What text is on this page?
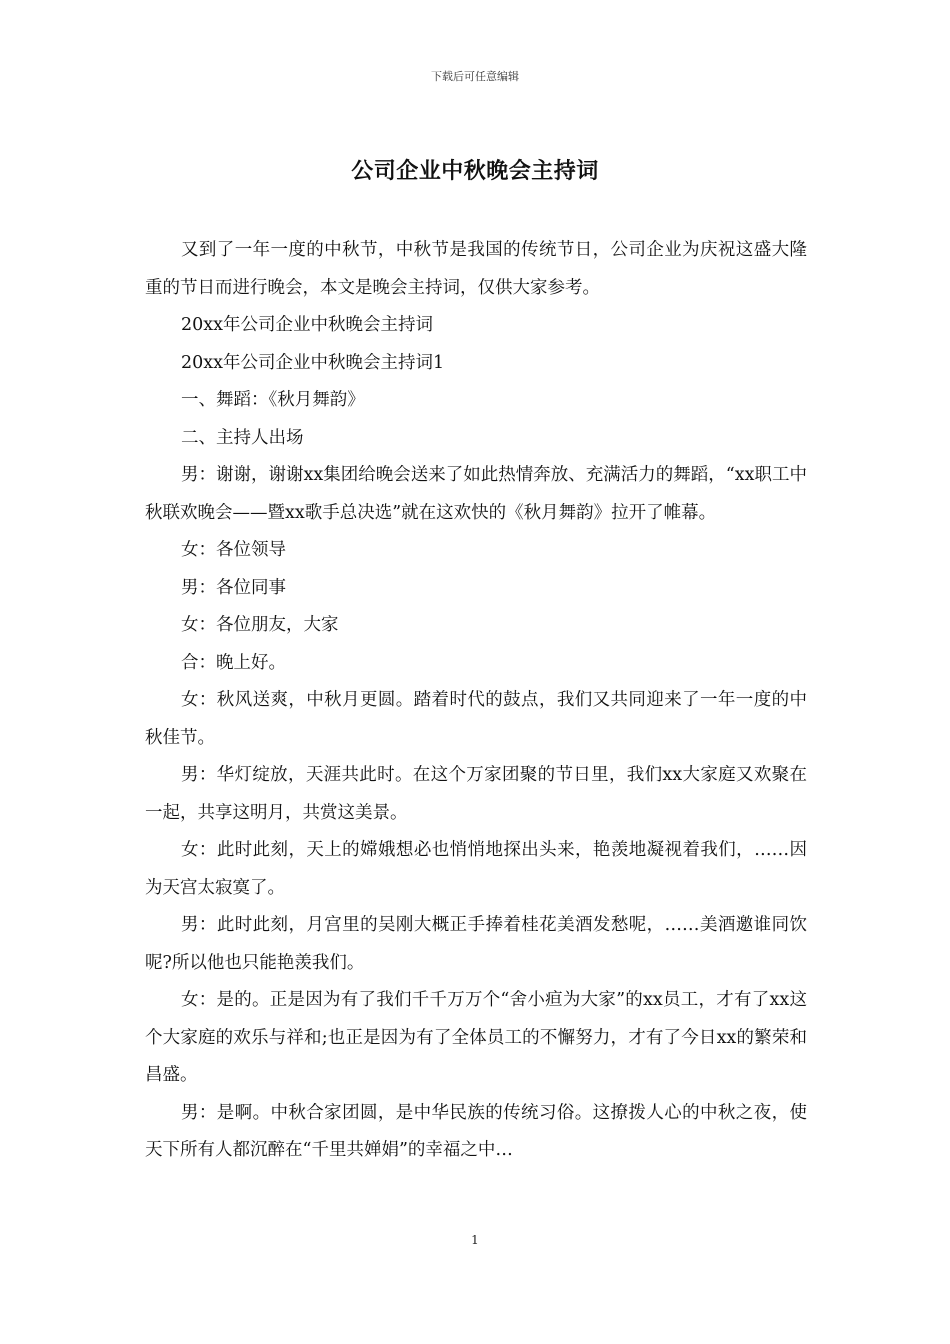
下载后可任意编辑
公司企业中秋晚会主持词

又到了一年一度的中秋节，中秋节是我国的传统节日，公司企业为庆祝这盛大隆重的节日而进行晚会，本文是晚会主持词，仅供大家参考。

20xx年公司企业中秋晚会主持词

20xx年公司企业中秋晚会主持词1

一、舞蹈：《秋月舞韵》

二、主持人出场

男：谢谢，谢谢xx集团给晚会送来了如此热情奔放、充满活力的舞蹈，“xx职工中秋联欢晚会——暨xx歌手总决选”就在这欢快的《秋月舞韵》拉开了帷幕。

女：各位领导

男：各位同事

女：各位朋友，大家

合：晚上好。

女：秋风送爽，中秋月更圆。踏着时代的鼓点，我们又共同迎来了一年一度的中秋佳节。

男：华灯绽放，天涯共此时。在这个万家团聚的节日里，我们xx大家庭又欢聚在一起，共享这明月，共赏这美景。

女：此时此刻，天上的嫦娥想必也悄悄地探出头来，艳羡地凝视着我们，……因为天宫太寂寞了。

男：此时此刻，月宫里的吴刚大概正手捧着桂花美酒发愁呢，……美酒邀谁同饮呢?所以他也只能艳羡我们。

女：是的。正是因为有了我们千千万万个“舍小疸为大家”的xx员工，才有了xx这个大家庭的欢乐与祥和;也正是因为有了全体员工的不懈努力，才有了今日xx的繁荣和昌盛。

男：是啊。中秋合家团圆，是中华民族的传统习俗。这撩拨人心的中秋之夜，使天下所有人都沉醉在“千里共婵娟”的幸福之中…

1
